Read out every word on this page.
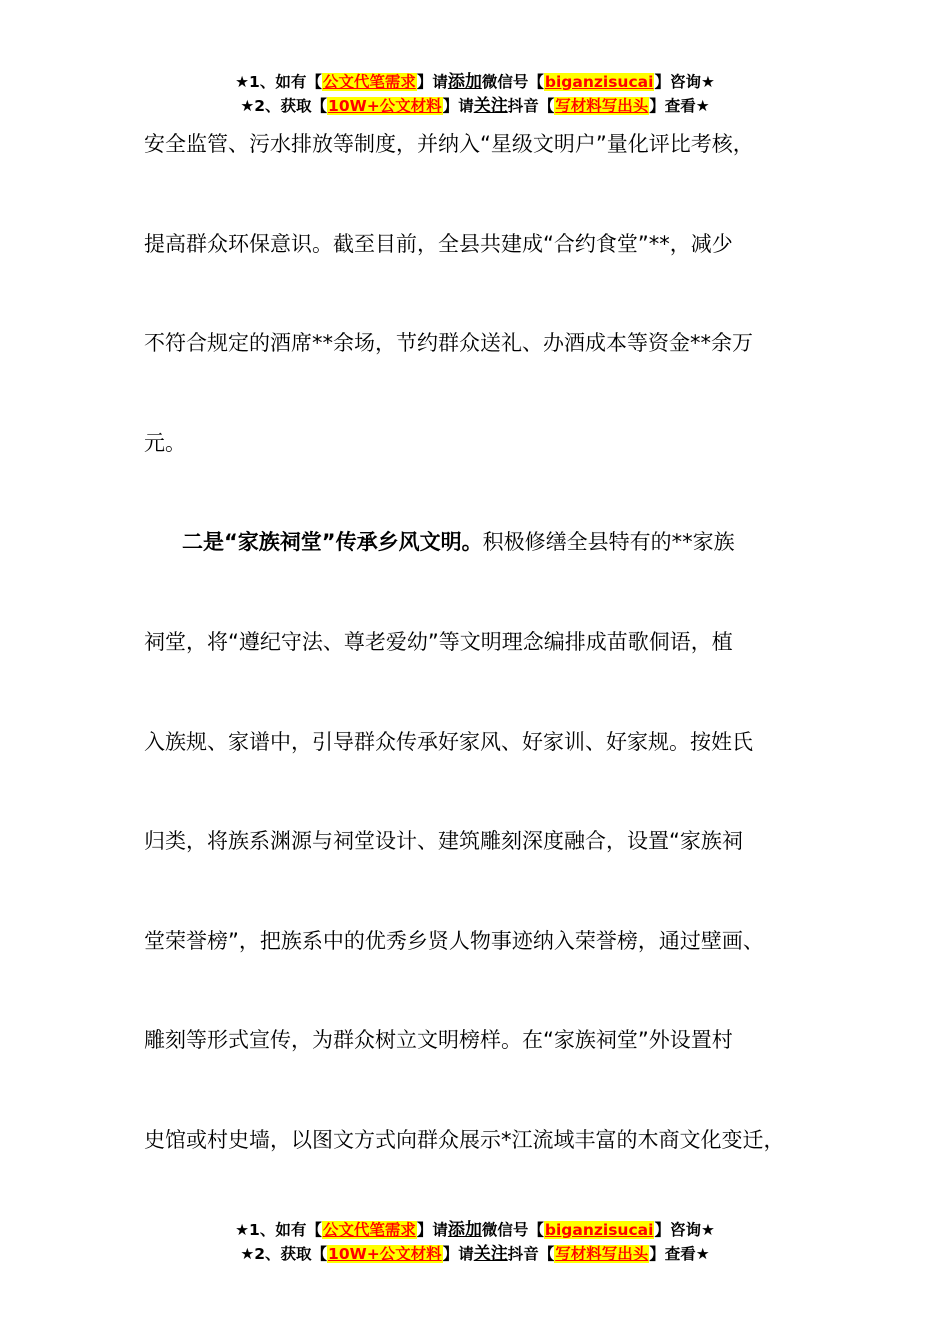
★1、如有【公文代笔需求】请添加微信号【biganzisucai】咨询★
★2、获取【10W+公文材料】请关注抖音【写材料写出头】查看★
安全监管、污水排放等制度，并纳入“星级文明户”量化评比考核，
提高群众环保意识。截至目前，全县共建成“合约食堂”**，减少
不符合规定的酒席**余场，节约群众送礼、办酒成本等资金**余万
元。
二是“家族祠堂”传承乡风文明。积极修缮全县特有的**家族
祠堂，将“遵纪守法、尊老爱幼”等文明理念编排成苗歌侗语，植
入族规、家谱中，引导群众传承好家风、好家训、好家规。按姓氏
归类，将族系渊源与祠堂设计、建筑雕刻深度融合，设置“家族祠
堂荣誉榜”，把族系中的优秀乡贤人物事迹纳入荣誉榜，通过壁画、
雕刻等形式宣传，为群众树立文明榜样。在“家族祠堂”外设置村
史馆或村史墙，以图文方式向群众展示*江流域丰富的木商文化变迁，
★1、如有【公文代笔需求】请添加微信号【biganzisucai】咨询★
★2、获取【10W+公文材料】请关注抖音【写材料写出头】查看★
